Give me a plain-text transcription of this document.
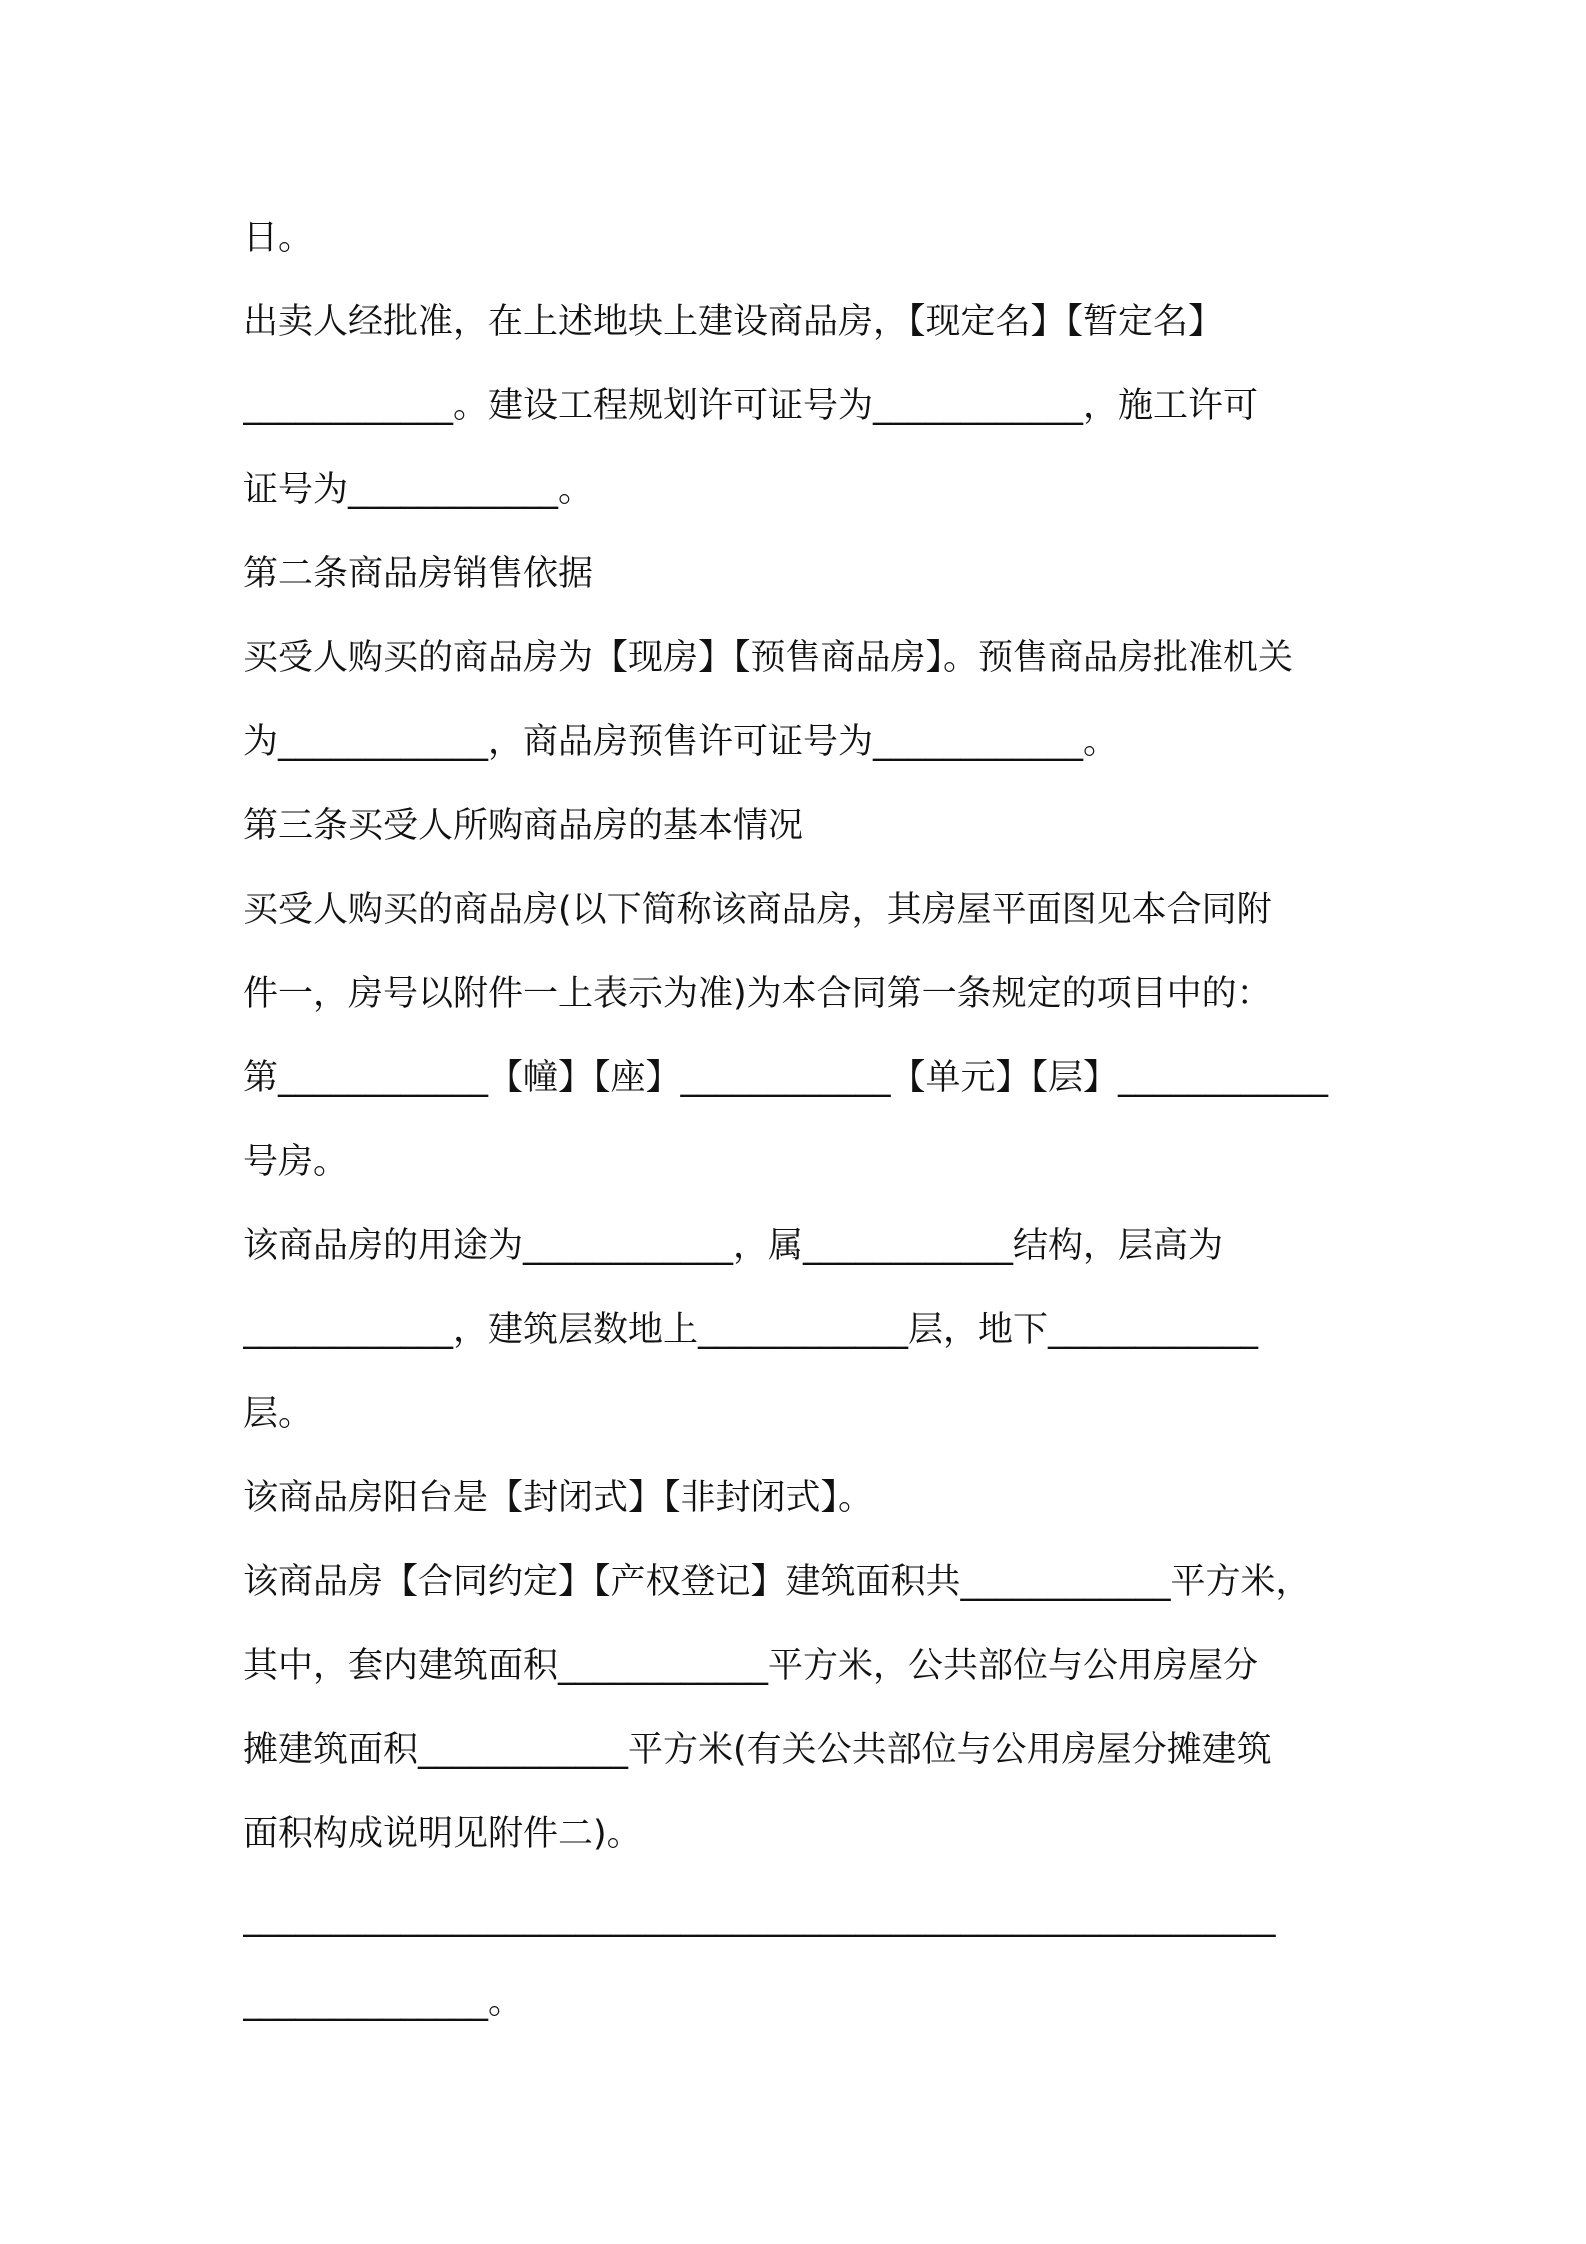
日。
出卖人经批准，在上述地块上建设商品房，【现定名】【暂定名】
____________。建设工程规划许可证号为____________，施工许可
证号为____________。
第二条商品房销售依据
买受人购买的商品房为【现房】【预售商品房】。预售商品房批准机关
为____________，商品房预售许可证号为____________。
第三条买受人所购商品房的基本情况
买受人购买的商品房(以下简称该商品房，其房屋平面图见本合同附
件一，房号以附件一上表示为准)为本合同第一条规定的项目中的：
第____________【幢】【座】____________【单元】【层】____________
号房。
该商品房的用途为____________，属____________结构，层高为
____________，建筑层数地上____________层，地下____________
层。
该商品房阳台是【封闭式】【非封闭式】。
该商品房【合同约定】【产权登记】建筑面积共____________平方米，
其中，套内建筑面积____________平方米，公共部位与公用房屋分
摊建筑面积____________平方米(有关公共部位与公用房屋分摊建筑
面积构成说明见附件二)。
___________________________________________________________
______________。
